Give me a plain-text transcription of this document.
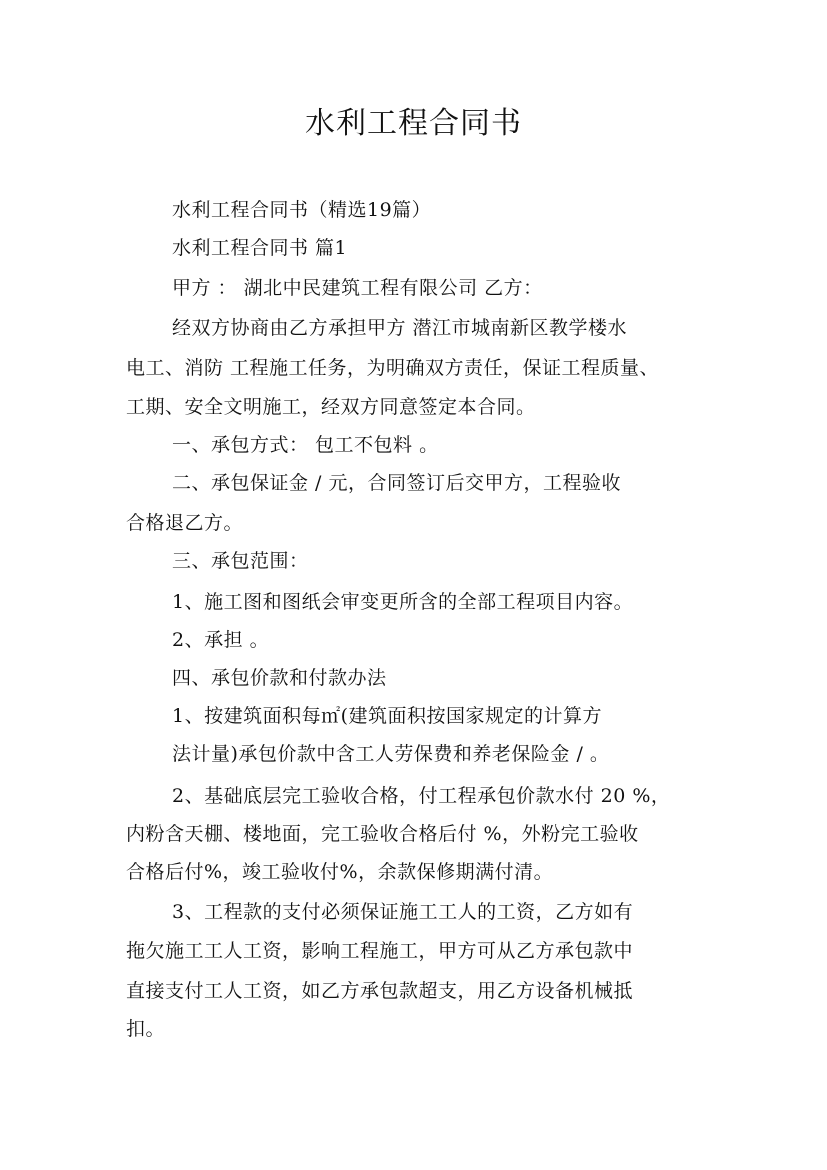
水利工程合同书
水利工程合同书（精选19篇）
水利工程合同书 篇1
甲方 ： 湖北中民建筑工程有限公司 乙方：
经双方协商由乙方承担甲方 潜江市城南新区教学楼水
电工、消防 工程施工任务，为明确双方责任，保证工程质量、
工期、安全文明施工，经双方同意签定本合同。
一、承包方式： 包工不包料 。
二、承包保证金 / 元，合同签订后交甲方，工程验收
合格退乙方。
三、承包范围：
1、施工图和图纸会审变更所含的全部工程项目内容。
2、承担 。
四、承包价款和付款办法
1、按建筑面积每㎡(建筑面积按国家规定的计算方
法计量)承包价款中含工人劳保费和养老保险金 / 。
2、基础底层完工验收合格，付工程承包价款水付 20 %，
内粉含天棚、楼地面，完工验收合格后付 %，外粉完工验收
合格后付%，竣工验收付%，余款保修期满付清。
3、工程款的支付必须保证施工工人的工资，乙方如有
拖欠施工工人工资，影响工程施工，甲方可从乙方承包款中
直接支付工人工资，如乙方承包款超支，用乙方设备机械抵
扣。
